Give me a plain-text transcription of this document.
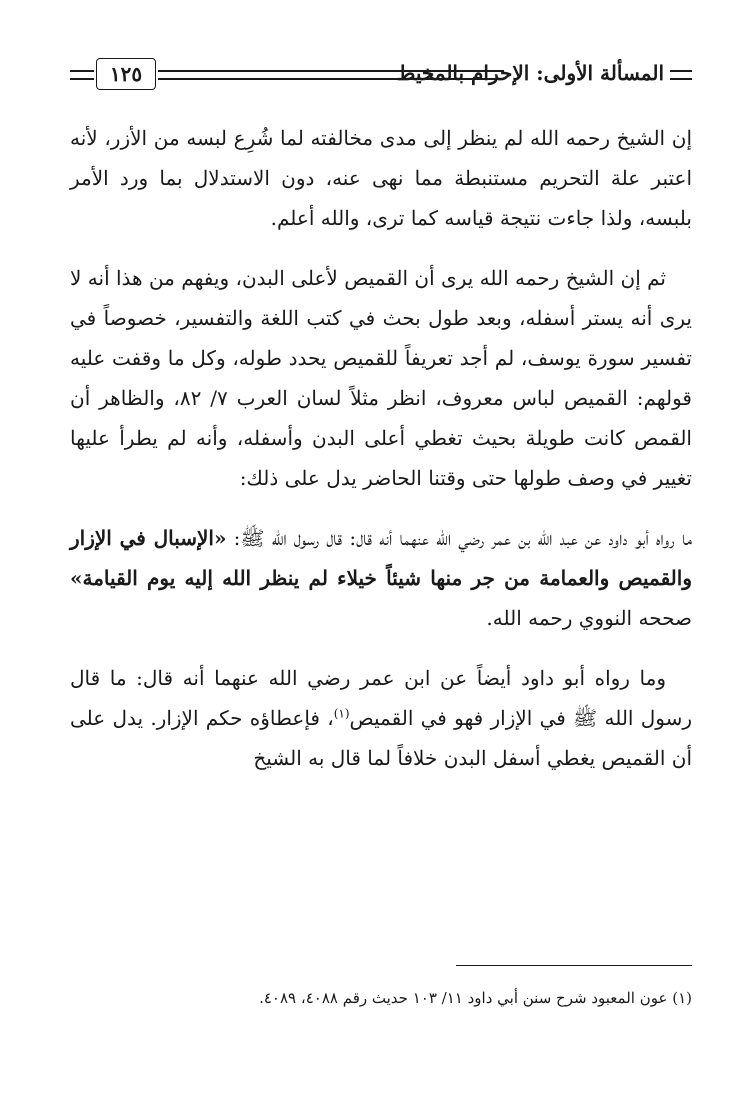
١٢٥	المسألة الأولى: الإحرام بالمخيط

إن الشيخ رحمه الله لم ينظر إلى مدى مخالفته لما شُرِع لبسه من الأزر، لأنه اعتبر علة التحريم مستنبطة مما نهى عنه، دون الاستدلال بما ورد الأمر بلبسه، ولذا جاءت نتيجة قياسه كما ترى، والله أعلم.

ثم إن الشيخ رحمه الله يرى أن القميص لأعلى البدن، ويفهم من هذا أنه لا يرى أنه يستر أسفله، وبعد طول بحث في كتب اللغة والتفسير، خصوصاً في تفسير سورة يوسف، لم أجد تعريفاً للقميص يحدد طوله، وكل ما وقفت عليه قولهم: القميص لباس معروف، انظر مثلاً لسان العرب ٧/ ٨٢، والظاهر أن القمص كانت طويلة بحيث تغطي أعلى البدن وأسفله، وأنه لم يطرأ عليها تغيير في وصف طولها حتى وقتنا الحاضر يدل على ذلك:

ما رواه أبو داود عن عبد الله بن عمر رضي الله عنهما أنه قال: قال رسول الله ﷺ: «الإسبال في الإزار والقميص والعمامة من جر منها شيئاً خيلاء لم ينظر الله إليه يوم القيامة» صححه النووي رحمه الله.

وما رواه أبو داود أيضاً عن ابن عمر رضي الله عنهما أنه قال: ما قال رسول الله ﷺ في الإزار فهو في القميص$^{(١)}$، فإعطاؤه حكم الإزار. يدل على أن القميص يغطي أسفل البدن خلافاً لما قال به الشيخ

(١) عون المعبود شرح سنن أبي داود ١١/ ١٠٣ حديث رقم ٤٠٨٨، ٤٠٨٩.
